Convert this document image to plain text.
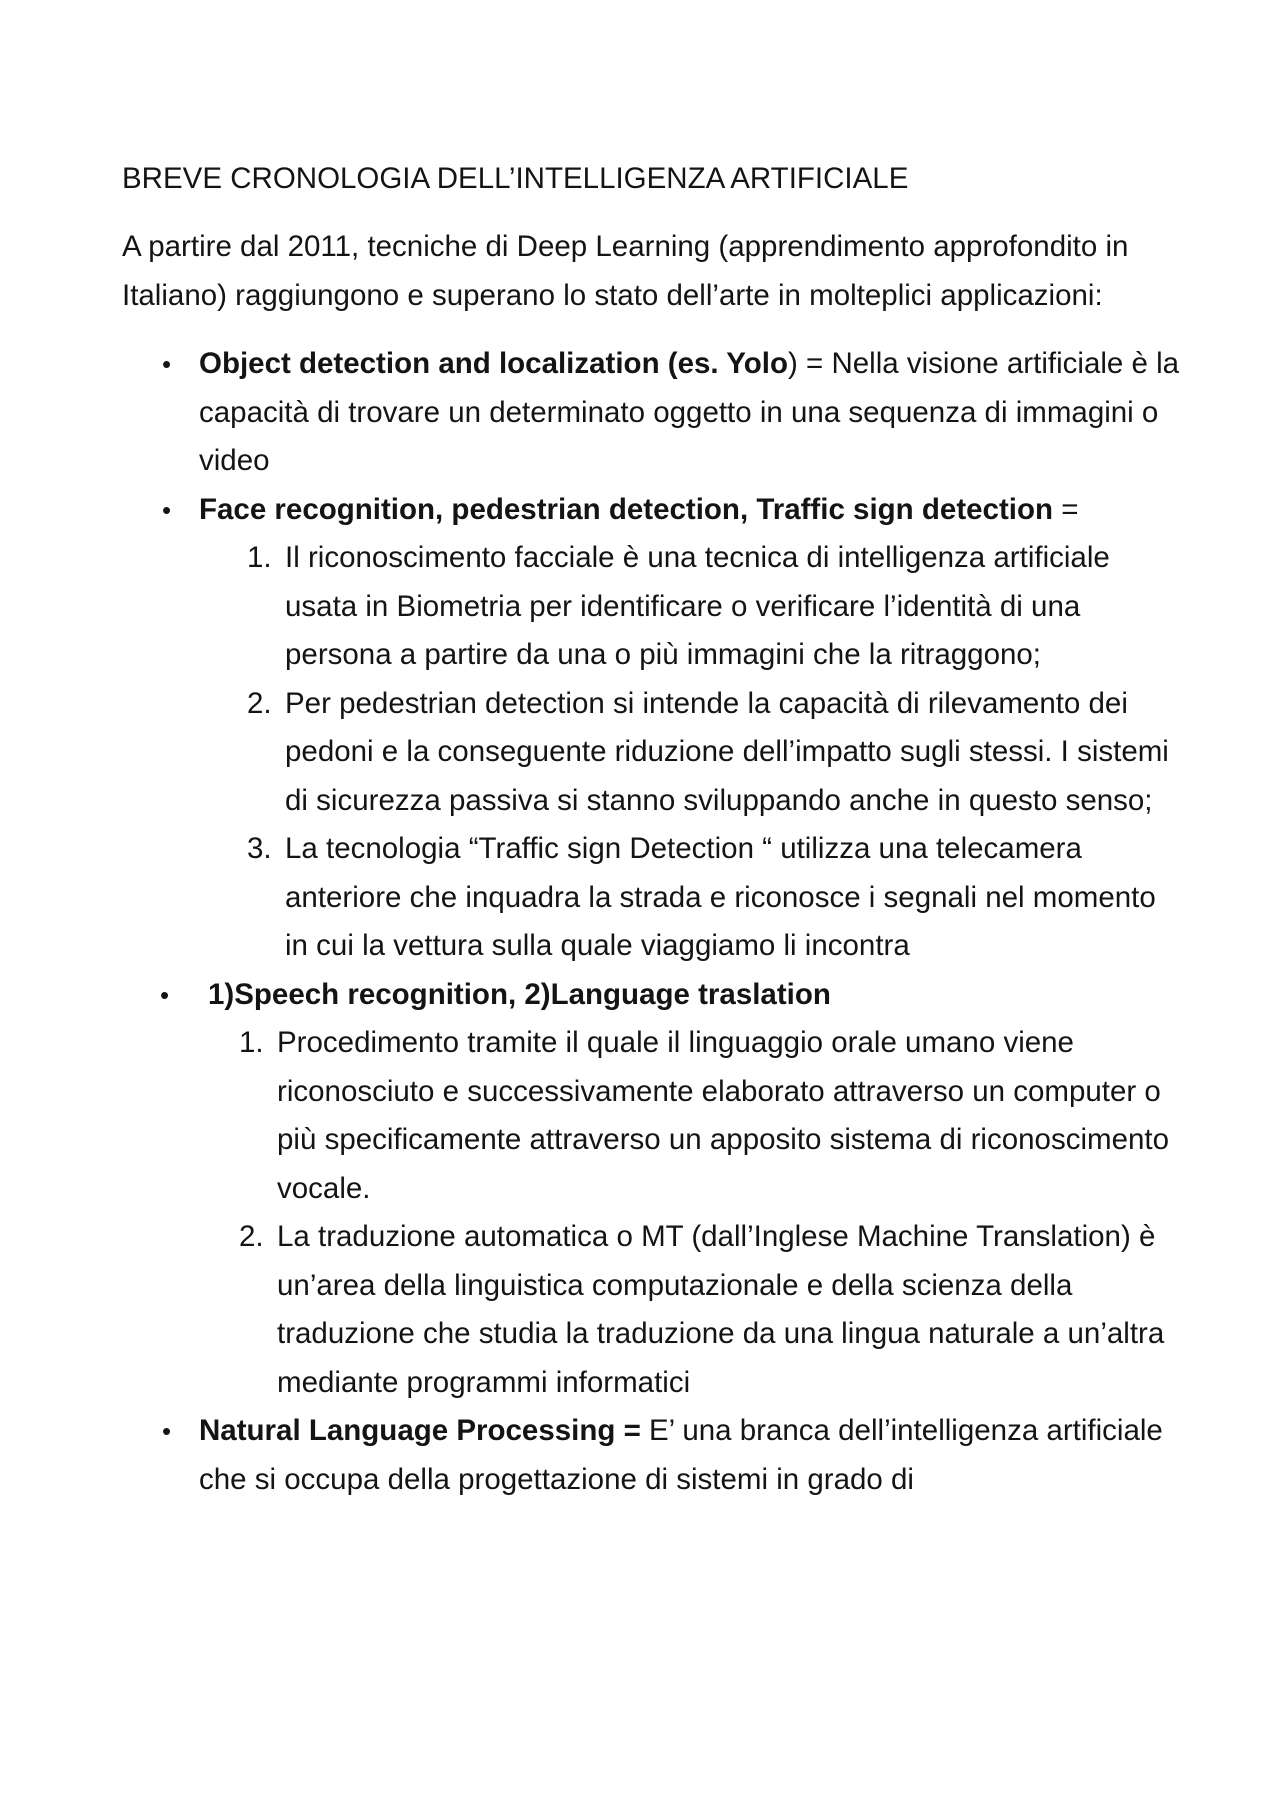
BREVE CRONOLOGIA DELL’INTELLIGENZA ARTIFICIALE

A partire dal 2011, tecniche di Deep Learning (apprendimento approfondito in Italiano) raggiungono e superano lo stato dell’arte in molteplici applicazioni:

• Object detection and localization (es. Yolo) = Nella visione artificiale è la capacità di trovare un determinato oggetto in una sequenza di immagini o video
• Face recognition, pedestrian detection, Traffic sign detection =
1. Il riconoscimento facciale è una tecnica di intelligenza artificiale usata in Biometria per identificare o verificare l’identità di una persona a partire da una o più immagini che la ritraggono;
2. Per pedestrian detection si intende la capacità di rilevamento dei pedoni e la conseguente riduzione dell’impatto sugli stessi. I sistemi di sicurezza passiva si stanno sviluppando anche in questo senso;
3. La tecnologia “Traffic sign Detection “ utilizza una telecamera anteriore che inquadra la strada e riconosce i segnali nel momento in cui la vettura sulla quale viaggiamo li incontra
• 1)Speech recognition, 2)Language traslation
1. Procedimento tramite il quale il linguaggio orale umano viene riconosciuto e successivamente elaborato attraverso un computer o più specificamente attraverso un apposito sistema di riconoscimento vocale.
2. La traduzione automatica o MT (dall’Inglese Machine Translation) è un’area della linguistica computazionale e della scienza della traduzione che studia la traduzione da una lingua naturale a un’altra mediante programmi informatici
• Natural Language Processing = E’ una branca dell’intelligenza artificiale che si occupa della progettazione di sistemi in grado di
